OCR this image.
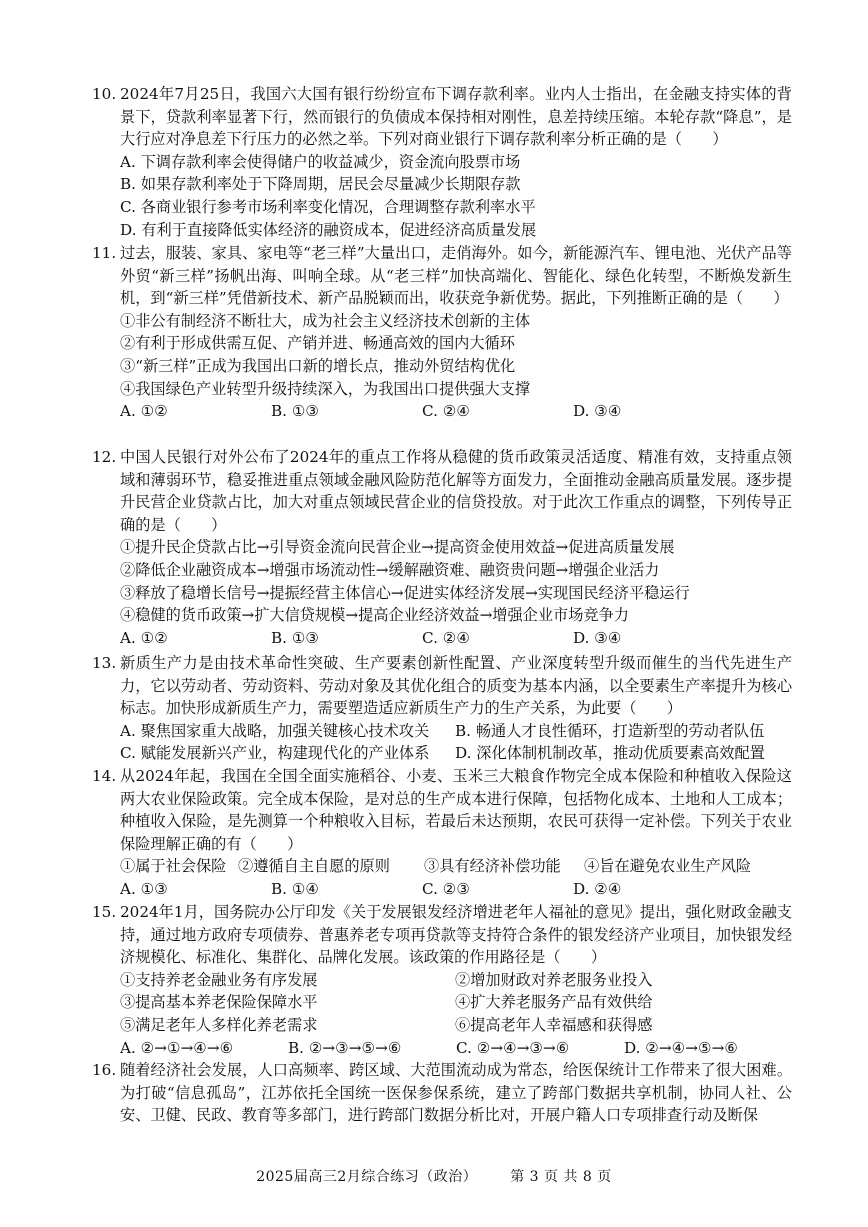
10. 2024年7月25日，我国六大国有银行纷纷宣布下调存款利率。业内人士指出，在金融支持实体的背景下，贷款利率显著下行，然而银行的负债成本保持相对刚性，息差持续压缩。本轮存款“降息”，是大行应对净息差下行压力的必然之举。下列对商业银行下调存款利率分析正确的是（　　）
A. 下调存款利率会使得储户的收益减少，资金流向股票市场
B. 如果存款利率处于下降周期，居民会尽量减少长期限存款
C. 各商业银行参考市场利率变化情况，合理调整存款利率水平
D. 有利于直接降低实体经济的融资成本，促进经济高质量发展
11. 过去，服装、家具、家电等“老三样”大量出口，走俏海外。如今，新能源汽车、锂电池、光伏产品等外贸“新三样”扬帆出海、叫响全球。从“老三样”加快高端化、智能化、绿色化转型，不断焕发新生机，到“新三样”凭借新技术、新产品脱颖而出，收获竞争新优势。据此，下列推断正确的是（　　）
①非公有制经济不断壮大，成为社会主义经济技术创新的主体
②有利于形成供需互促、产销并进、畅通高效的国内大循环
③“新三样”正成为我国出口新的增长点，推动外贸结构优化
④我国绿色产业转型升级持续深入，为我国出口提供强大支撑
A. ①②	B. ①③	C. ②④	D. ③④
12. 中国人民银行对外公布了2024年的重点工作将从稳健的货币政策灵活适度、精准有效，支持重点领域和薄弱环节，稳妥推进重点领域金融风险防范化解等方面发力，全面推动金融高质量发展。逐步提升民营企业贷款占比，加大对重点领域民营企业的信贷投放。对于此次工作重点的调整，下列传导正确的是（　　）
①提升民企贷款占比→引导资金流向民营企业→提高资金使用效益→促进高质量发展
②降低企业融资成本→增强市场流动性→缓解融资难、融资贵问题→增强企业活力
③释放了稳增长信号→提振经营主体信心→促进实体经济发展→实现国民经济平稳运行
④稳健的货币政策→扩大信贷规模→提高企业经济效益→增强企业市场竞争力
A. ①②	B. ①③	C. ②④	D. ③④
13. 新质生产力是由技术革命性突破、生产要素创新性配置、产业深度转型升级而催生的当代先进生产力，它以劳动者、劳动资料、劳动对象及其优化组合的质变为基本内涵，以全要素生产率提升为核心标志。加快形成新质生产力，需要塑造适应新质生产力的生产关系，为此要（　　）
A. 聚焦国家重大战略，加强关键核心技术攻关	B. 畅通人才良性循环，打造新型的劳动者队伍
C. 赋能发展新兴产业，构建现代化的产业体系	D. 深化体制机制改革，推动优质要素高效配置
14. 从2024年起，我国在全国全面实施稻谷、小麦、玉米三大粮食作物完全成本保险和种植收入保险这两大农业保险政策。完全成本保险，是对总的生产成本进行保障，包括物化成本、土地和人工成本；种植收入保险，是先测算一个种粮收入目标，若最后未达预期，农民可获得一定补偿。下列关于农业保险理解正确的有（　　）
①属于社会保险 ②遵循自主自愿的原则	③具有经济补偿功能	④旨在避免农业生产风险
A. ①③	B. ①④	C. ②③	D. ②④
15. 2024年1月，国务院办公厅印发《关于发展银发经济增进老年人福祉的意见》提出，强化财政金融支持，通过地方政府专项债券、普惠养老专项再贷款等支持符合条件的银发经济产业项目，加快银发经济规模化、标准化、集群化、品牌化发展。该政策的作用路径是（　　）
①支持养老金融业务有序发展	②增加财政对养老服务业投入
③提高基本养老保险保障水平	④扩大养老服务产品有效供给
⑤满足老年人多样化养老需求	⑥提高老年人幸福感和获得感
A. ②→①→④→⑥	B. ②→③→⑤→⑥	C. ②→④→③→⑥	D. ②→④→⑤→⑥
16. 随着经济社会发展，人口高频率、跨区域、大范围流动成为常态，给医保统计工作带来了很大困难。为打破“信息孤岛”，江苏依托全国统一医保参保系统，建立了跨部门数据共享机制，协同人社、公安、卫健、民政、教育等多部门，进行跨部门数据分析比对，开展户籍人口专项排查行动及断保
2025届高三2月综合练习（政治） 第 3 页 共 8 页
